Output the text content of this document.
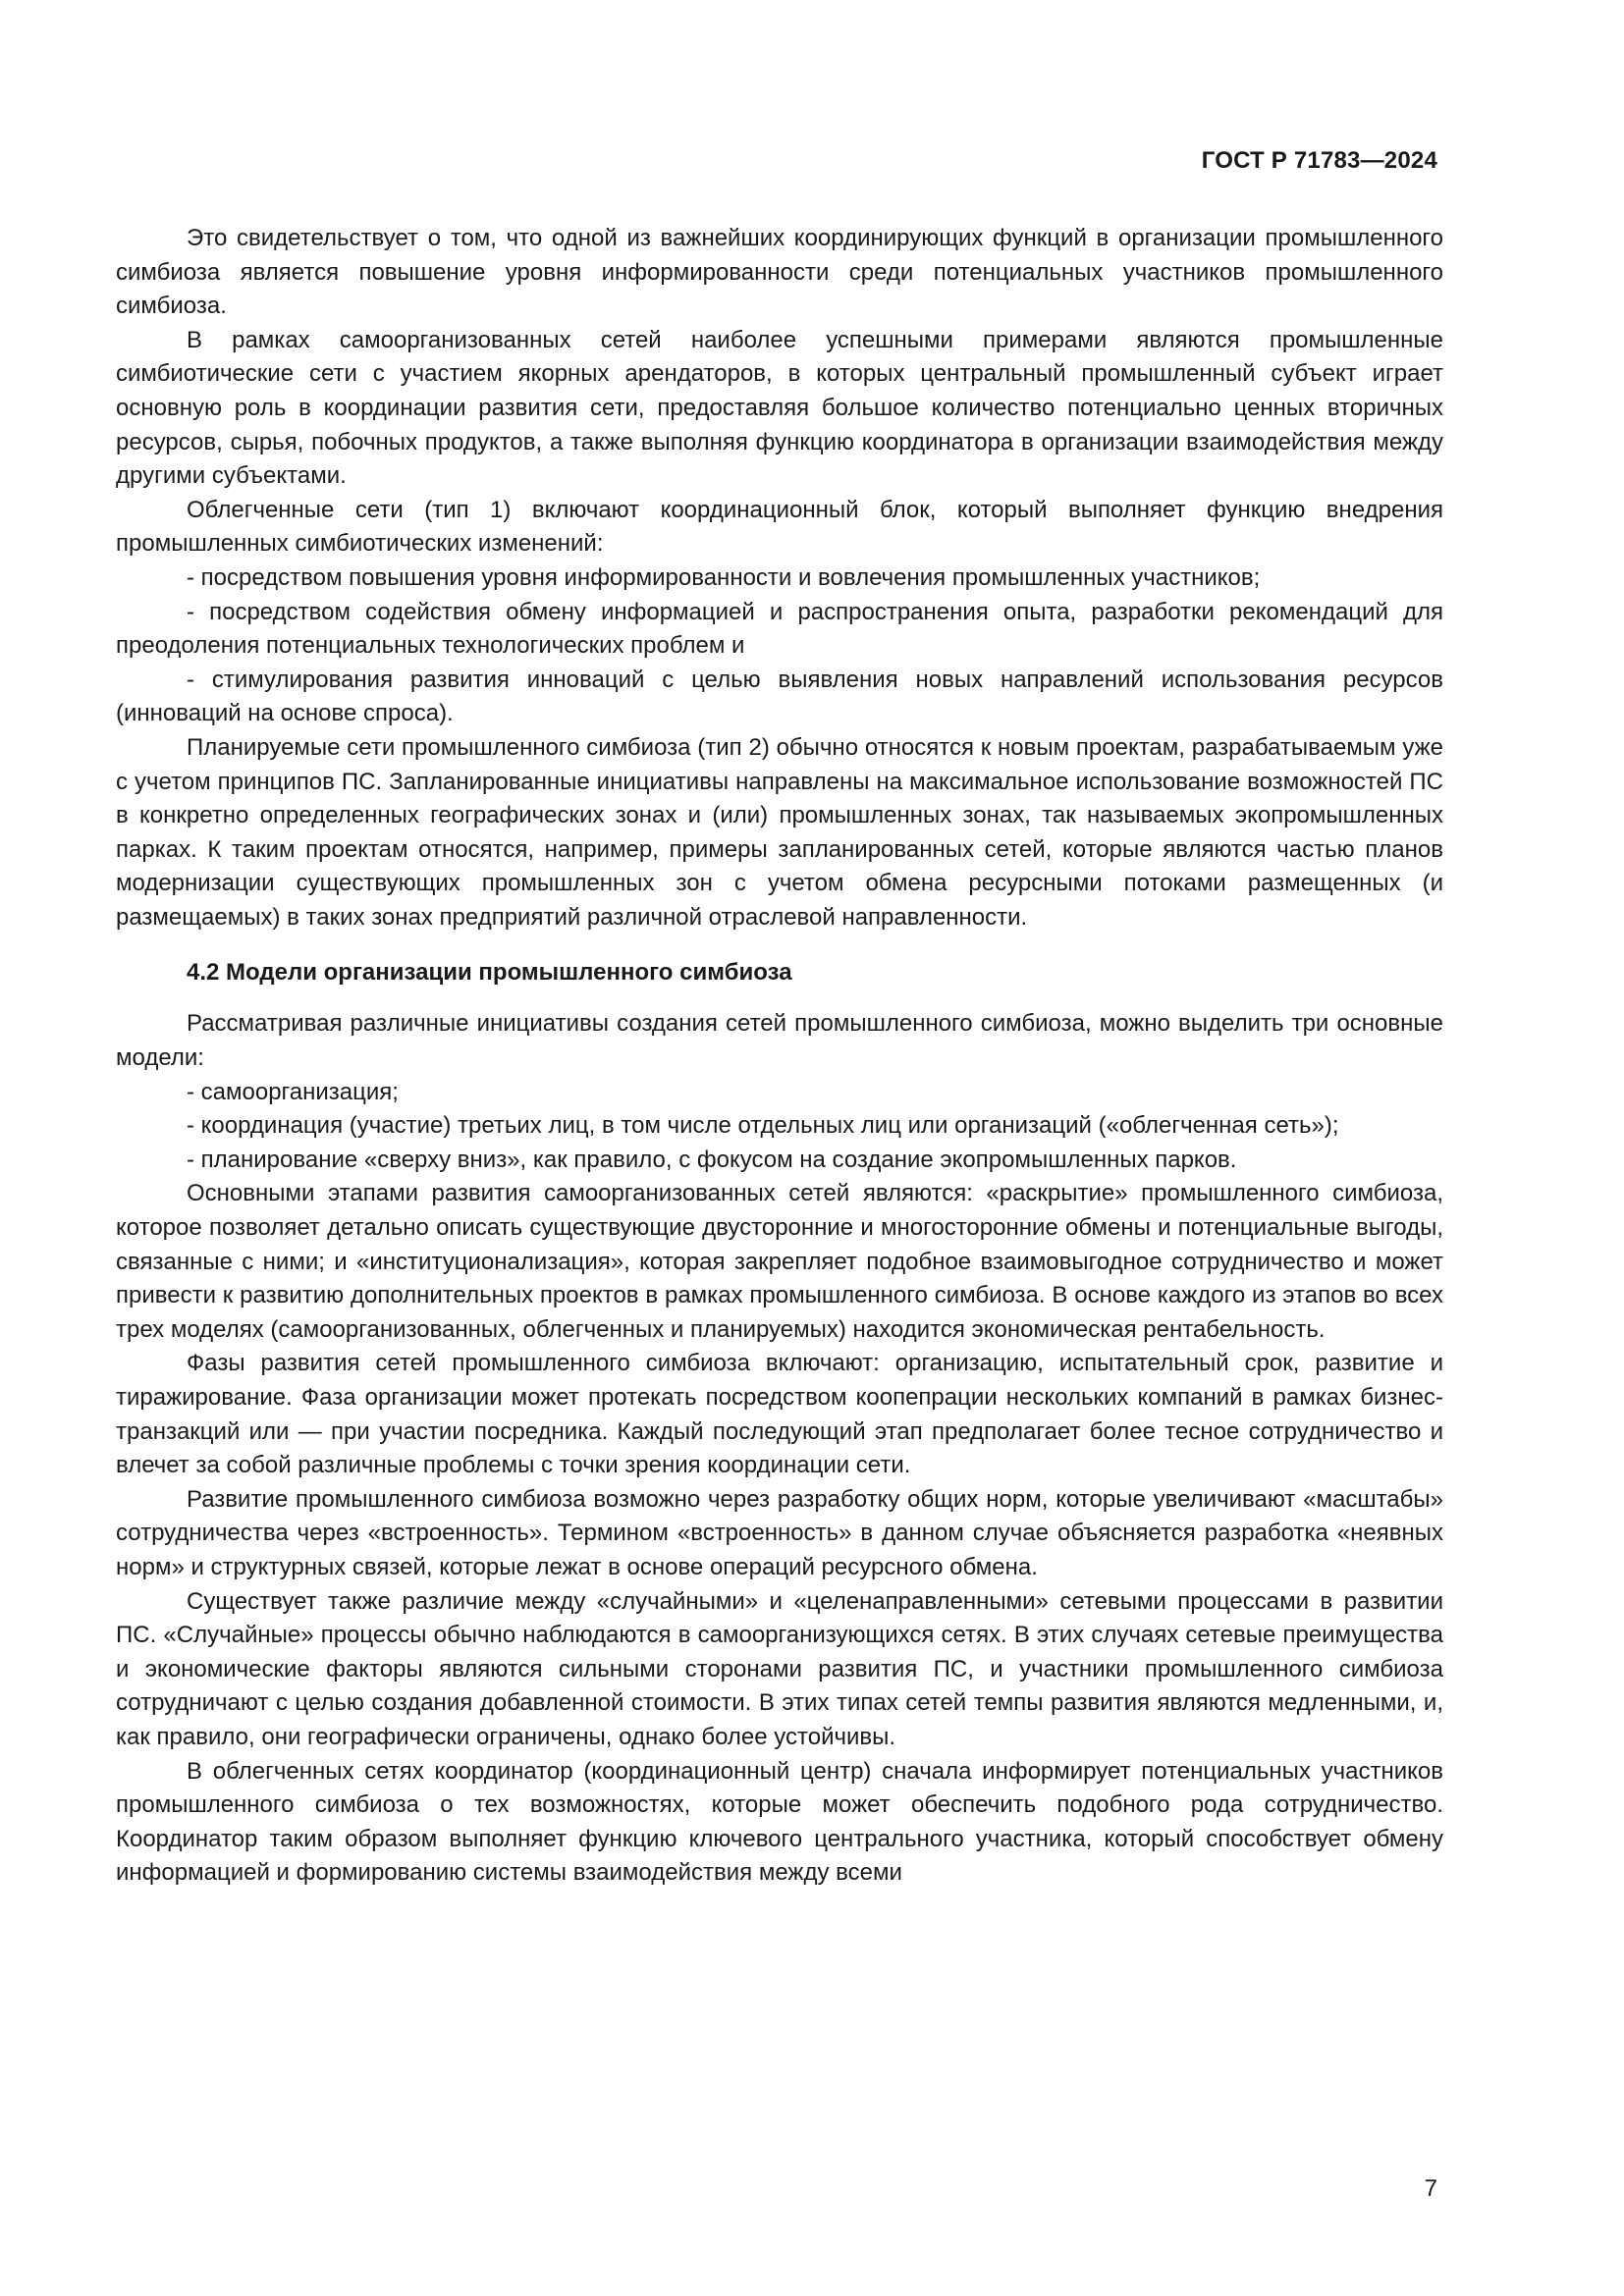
ГОСТ Р 71783—2024

Это свидетельствует о том, что одной из важнейших координирующих функций в организации промышленного симбиоза является повышение уровня информированности среди потенциальных участников промышленного симбиоза.

В рамках самоорганизованных сетей наиболее успешными примерами являются промышленные симбиотические сети с участием якорных арендаторов, в которых центральный промышленный субъект играет основную роль в координации развития сети, предоставляя большое количество потенциально ценных вторичных ресурсов, сырья, побочных продуктов, а также выполняя функцию координатора в организации взаимодействия между другими субъектами.

Облегченные сети (тип 1) включают координационный блок, который выполняет функцию внедрения промышленных симбиотических изменений:

- посредством повышения уровня информированности и вовлечения промышленных участников;

- посредством содействия обмену информацией и распространения опыта, разработки рекомендаций для преодоления потенциальных технологических проблем и

- стимулирования развития инноваций с целью выявления новых направлений использования ресурсов (инноваций на основе спроса).

Планируемые сети промышленного симбиоза (тип 2) обычно относятся к новым проектам, разрабатываемым уже с учетом принципов ПС. Запланированные инициативы направлены на максимальное использование возможностей ПС в конкретно определенных географических зонах и (или) промышленных зонах, так называемых экопромышленных парках. К таким проектам относятся, например, примеры запланированных сетей, которые являются частью планов модернизации существующих промышленных зон с учетом обмена ресурсными потоками размещенных (и размещаемых) в таких зонах предприятий различной отраслевой направленности.

4.2 Модели организации промышленного симбиоза

Рассматривая различные инициативы создания сетей промышленного симбиоза, можно выделить три основные модели:

- самоорганизация;

- координация (участие) третьих лиц, в том числе отдельных лиц или организаций («облегченная сеть»);

- планирование «сверху вниз», как правило, с фокусом на создание экопромышленных парков.

Основными этапами развития самоорганизованных сетей являются: «раскрытие» промышленного симбиоза, которое позволяет детально описать существующие двусторонние и многосторонние обмены и потенциальные выгоды, связанные с ними; и «институционализация», которая закрепляет подобное взаимовыгодное сотрудничество и может привести к развитию дополнительных проектов в рамках промышленного симбиоза. В основе каждого из этапов во всех трех моделях (самоорганизованных, облегченных и планируемых) находится экономическая рентабельность.

Фазы развития сетей промышленного симбиоза включают: организацию, испытательный срок, развитие и тиражирование. Фаза организации может протекать посредством коопепрации нескольких компаний в рамках бизнес-транзакций или — при участии посредника. Каждый последующий этап предполагает более тесное сотрудничество и влечет за собой различные проблемы с точки зрения координации сети.

Развитие промышленного симбиоза возможно через разработку общих норм, которые увеличивают «масштабы» сотрудничества через «встроенность». Термином «встроенность» в данном случае объясняется разработка «неявных норм» и структурных связей, которые лежат в основе операций ресурсного обмена.

Существует также различие между «случайными» и «целенаправленными» сетевыми процессами в развитии ПС. «Случайные» процессы обычно наблюдаются в самоорганизующихся сетях. В этих случаях сетевые преимущества и экономические факторы являются сильными сторонами развития ПС, и участники промышленного симбиоза сотрудничают с целью создания добавленной стоимости. В этих типах сетей темпы развития являются медленными, и, как правило, они географически ограничены, однако более устойчивы.

В облегченных сетях координатор (координационный центр) сначала информирует потенциальных участников промышленного симбиоза о тех возможностях, которые может обеспечить подобного рода сотрудничество. Координатор таким образом выполняет функцию ключевого центрального участника, который способствует обмену информацией и формированию системы взаимодействия между всеми

7
